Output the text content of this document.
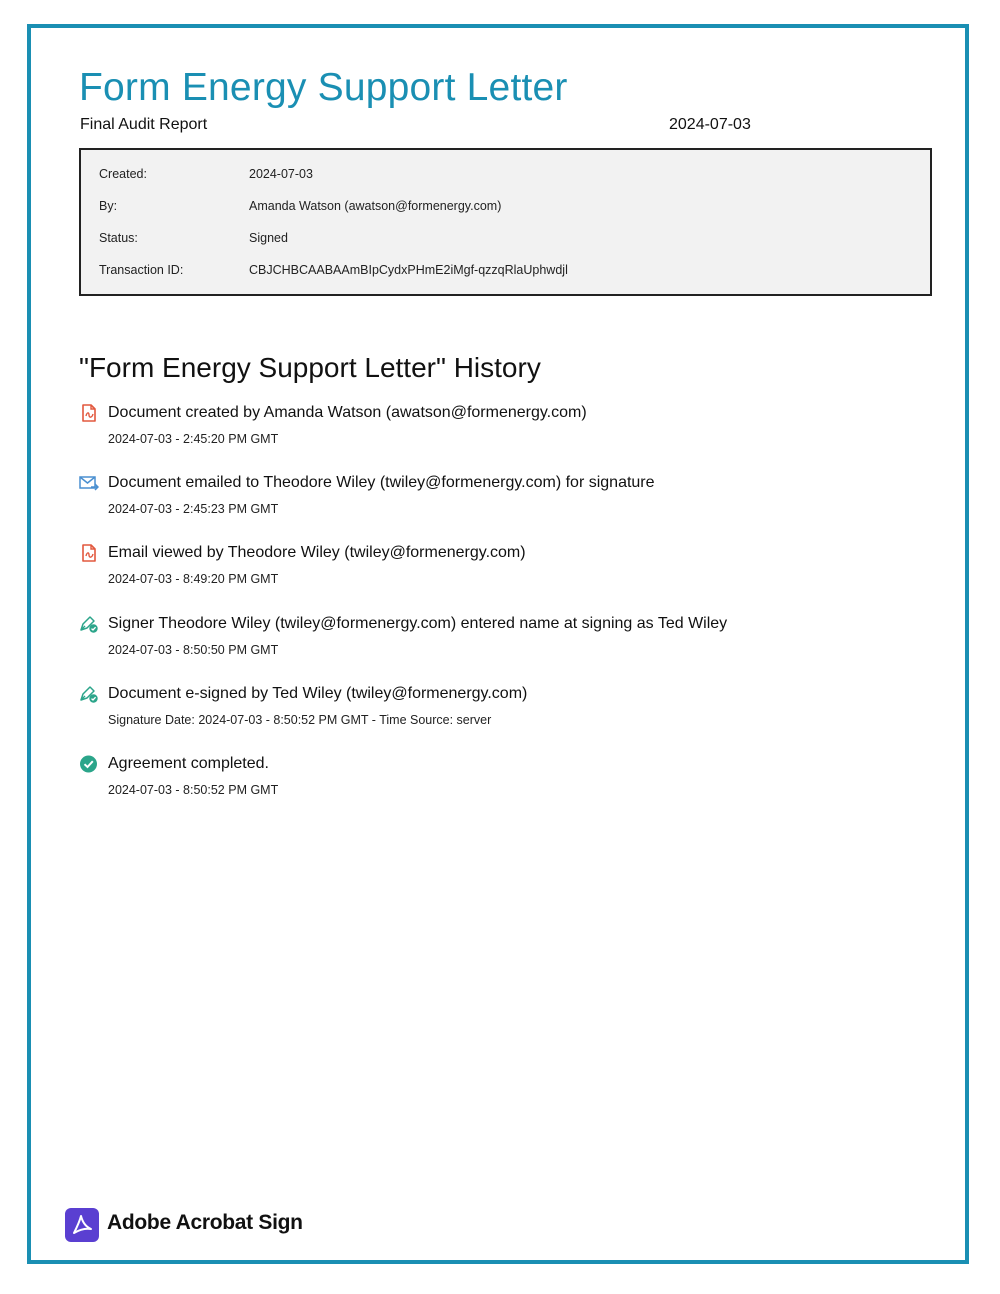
Form Energy Support Letter
Final Audit Report	2024-07-03
Created:	2024-07-03
By:	Amanda Watson (awatson@formenergy.com)
Status:	Signed
Transaction ID:	CBJCHBCAABAAmBIpCydxPHmE2iMgf-qzzqRlaUphwdjl
"Form Energy Support Letter" History
Document created by Amanda Watson (awatson@formenergy.com)
2024-07-03 - 2:45:20 PM GMT
Document emailed to Theodore Wiley (twiley@formenergy.com) for signature
2024-07-03 - 2:45:23 PM GMT
Email viewed by Theodore Wiley (twiley@formenergy.com)
2024-07-03 - 8:49:20 PM GMT
Signer Theodore Wiley (twiley@formenergy.com) entered name at signing as Ted Wiley
2024-07-03 - 8:50:50 PM GMT
Document e-signed by Ted Wiley (twiley@formenergy.com)
Signature Date: 2024-07-03 - 8:50:52 PM GMT - Time Source: server
Agreement completed.
2024-07-03 - 8:50:52 PM GMT
Adobe Acrobat Sign
